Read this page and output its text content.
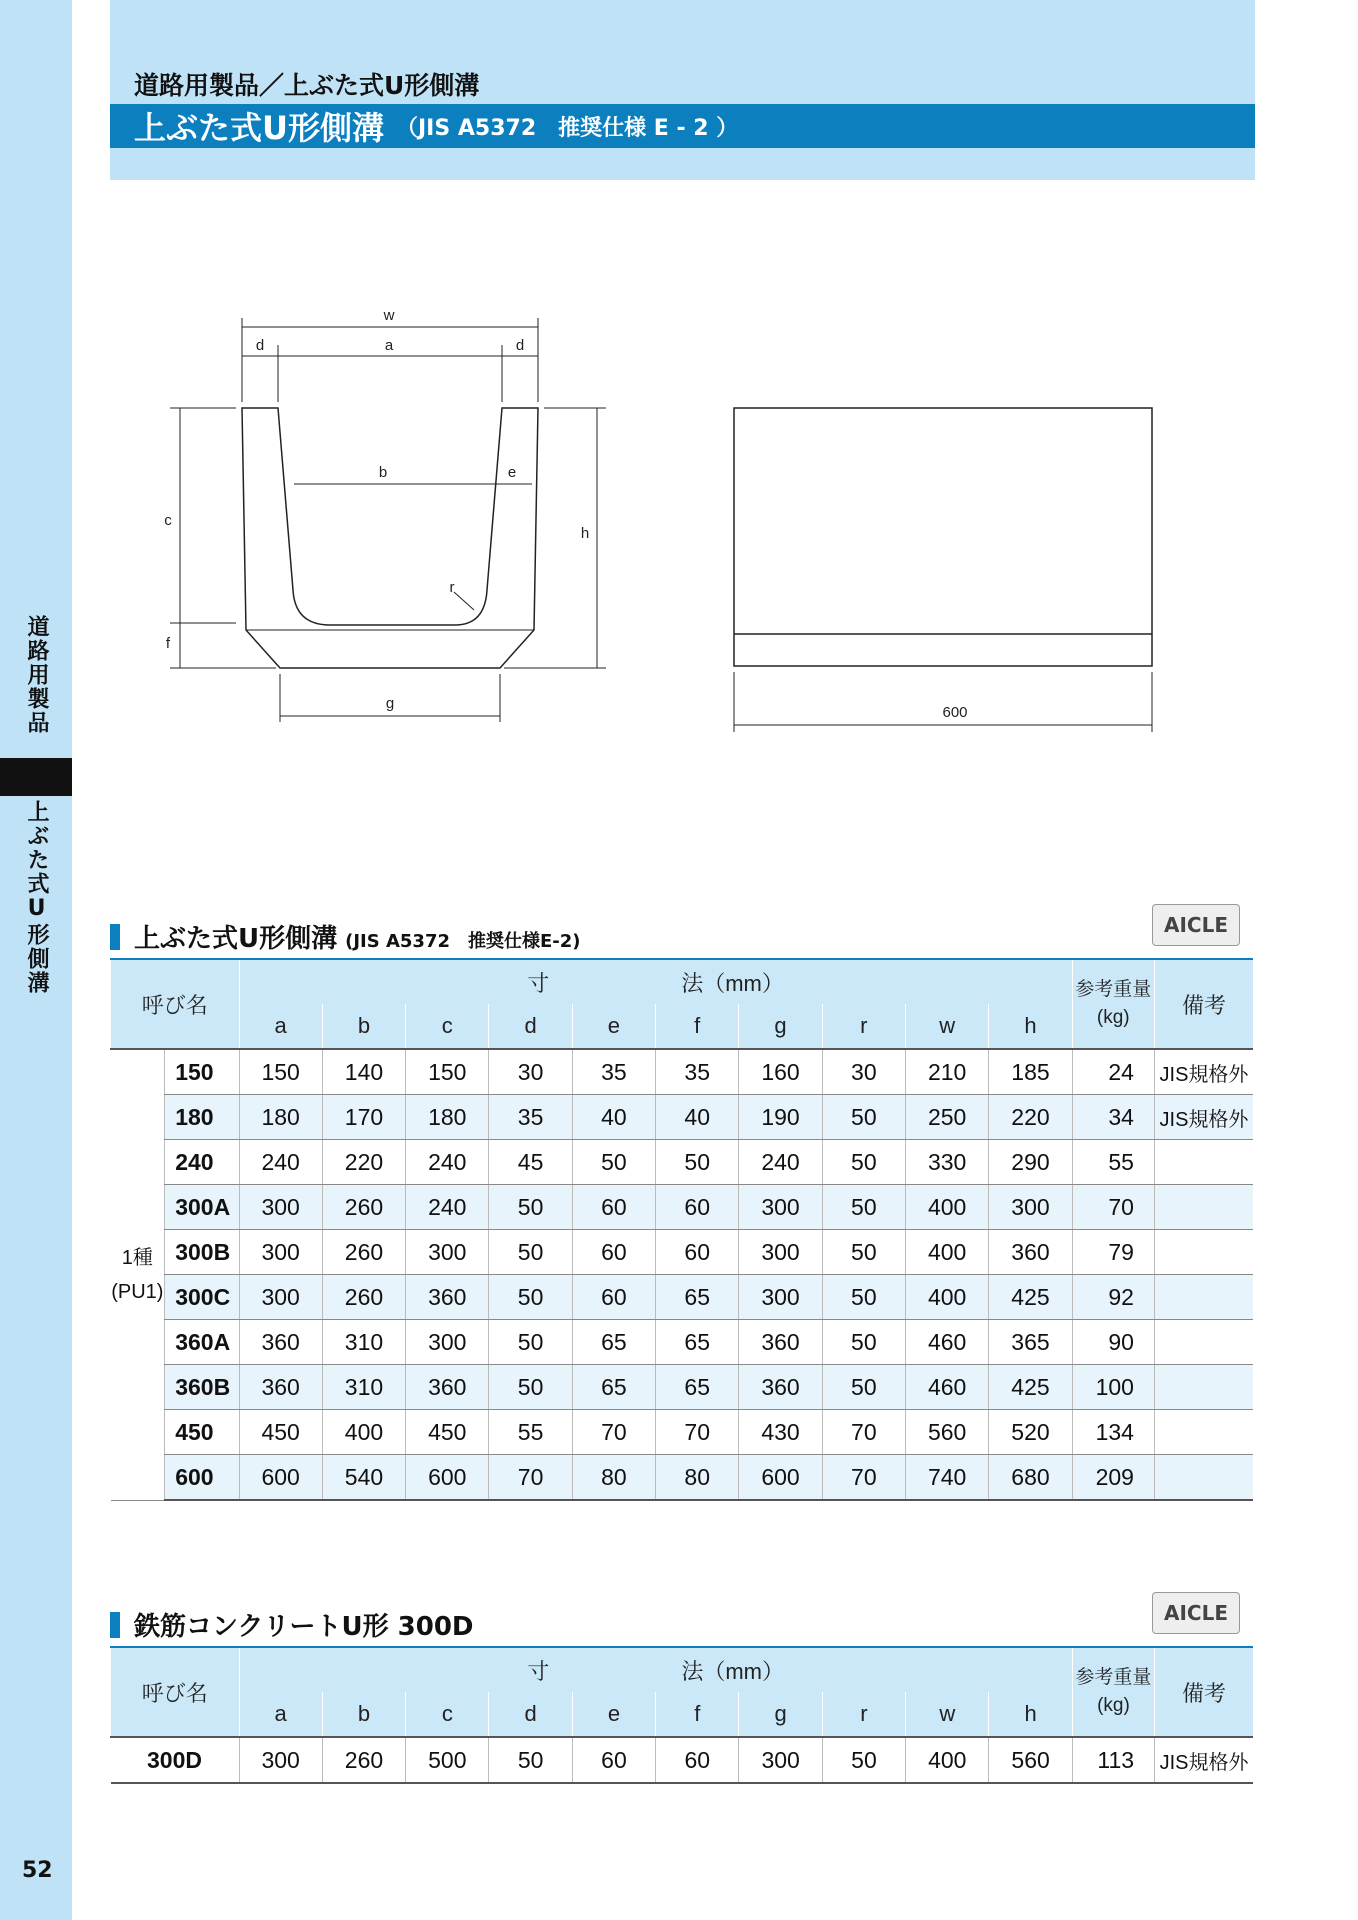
道路用製品
上ぶた式U形側溝
52
道路用製品／上ぶた式U形側溝
上ぶた式U形側溝 （JIS A5372　推奨仕様 E - 2 ）
w
a
d	d
b	e
c
h
r
f
g
600
上ぶた式U形側溝 (JIS A5372　推奨仕様E-2)
AICLE
呼び名		寸　　　　　　法（mm）										参考重量
(kg)	備考
		a	b	c	d	e	f	g	r	w	h		

1種
(PU1)	150	150	140	150	30	35	35	160	30	210	185	24	JIS規格外
	180	180	170	180	35	40	40	190	50	250	220	34	JIS規格外
	240	240	220	240	45	50	50	240	50	330	290	55	
	300A	300	260	240	50	60	60	300	50	400	300	70	
	300B	300	260	300	50	60	60	300	50	400	360	79	
	300C	300	260	360	50	60	65	300	50	400	425	92	
	360A	360	310	300	50	65	65	360	50	460	365	90	
	360B	360	310	360	50	65	65	360	50	460	425	100	
	450	450	400	450	55	70	70	430	70	560	520	134	
	600	600	540	600	70	80	80	600	70	740	680	209	
鉄筋コンクリートU形 300D	AICLE
呼び名	寸　　　　　　法（mm）										参考重量
(kg)	備考
	a	b	c	d	e	f	g	r	w	h		
300D	300	260	500	50	60	60	300	50	400	560	113	JIS規格外
